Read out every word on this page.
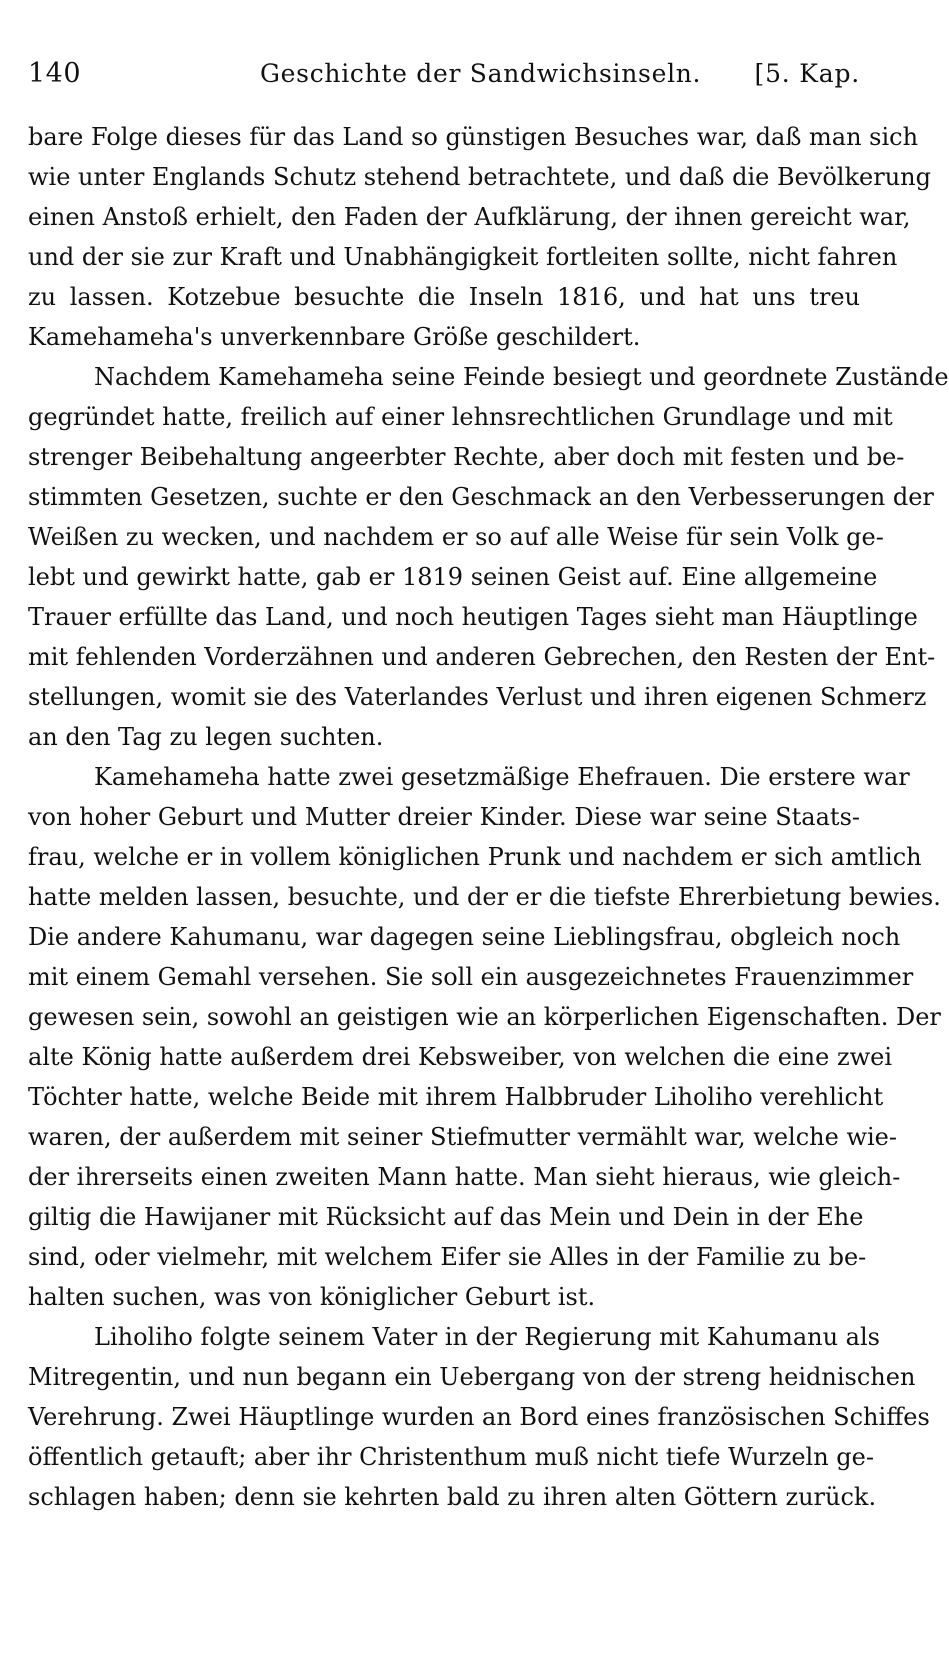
140	Geschichte der Sandwichsinseln. [5. Kap.
bare Folge dieses für das Land so günstigen Besuches war, daß man sich
wie unter Englands Schutz stehend betrachtete, und daß die Bevölkerung
einen Anstoß erhielt, den Faden der Aufklärung, der ihnen gereicht war,
und der sie zur Kraft und Unabhängigkeit fortleiten sollte, nicht fahren
zu lassen. Kotzebue besuchte die Inseln 1816, und hat uns treu
Kamehameha's unverkennbare Größe geschildert.
Nachdem Kamehameha seine Feinde besiegt und geordnete Zustände
gegründet hatte, freilich auf einer lehnsrechtlichen Grundlage und mit
strenger Beibehaltung angeerbter Rechte, aber doch mit festen und be-
stimmten Gesetzen, suchte er den Geschmack an den Verbesserungen der
Weißen zu wecken, und nachdem er so auf alle Weise für sein Volk ge-
lebt und gewirkt hatte, gab er 1819 seinen Geist auf. Eine allgemeine
Trauer erfüllte das Land, und noch heutigen Tages sieht man Häuptlinge
mit fehlenden Vorderzähnen und anderen Gebrechen, den Resten der Ent-
stellungen, womit sie des Vaterlandes Verlust und ihren eigenen Schmerz
an den Tag zu legen suchten.
Kamehameha hatte zwei gesetzmäßige Ehefrauen. Die erstere war
von hoher Geburt und Mutter dreier Kinder. Diese war seine Staats-
frau, welche er in vollem königlichen Prunk und nachdem er sich amtlich
hatte melden lassen, besuchte, und der er die tiefste Ehrerbietung bewies.
Die andere Kahumanu, war dagegen seine Lieblingsfrau, obgleich noch
mit einem Gemahl versehen. Sie soll ein ausgezeichnetes Frauenzimmer
gewesen sein, sowohl an geistigen wie an körperlichen Eigenschaften. Der
alte König hatte außerdem drei Kebsweiber, von welchen die eine zwei
Töchter hatte, welche Beide mit ihrem Halbbruder Liholiho verehlicht
waren, der außerdem mit seiner Stiefmutter vermählt war, welche wie-
der ihrerseits einen zweiten Mann hatte. Man sieht hieraus, wie gleich-
giltig die Hawijaner mit Rücksicht auf das Mein und Dein in der Ehe
sind, oder vielmehr, mit welchem Eifer sie Alles in der Familie zu be-
halten suchen, was von königlicher Geburt ist.
Liholiho folgte seinem Vater in der Regierung mit Kahumanu als
Mitregentin, und nun begann ein Uebergang von der streng heidnischen
Verehrung. Zwei Häuptlinge wurden an Bord eines französischen Schiffes
öffentlich getauft; aber ihr Christenthum muß nicht tiefe Wurzeln ge-
schlagen haben; denn sie kehrten bald zu ihren alten Göttern zurück.
